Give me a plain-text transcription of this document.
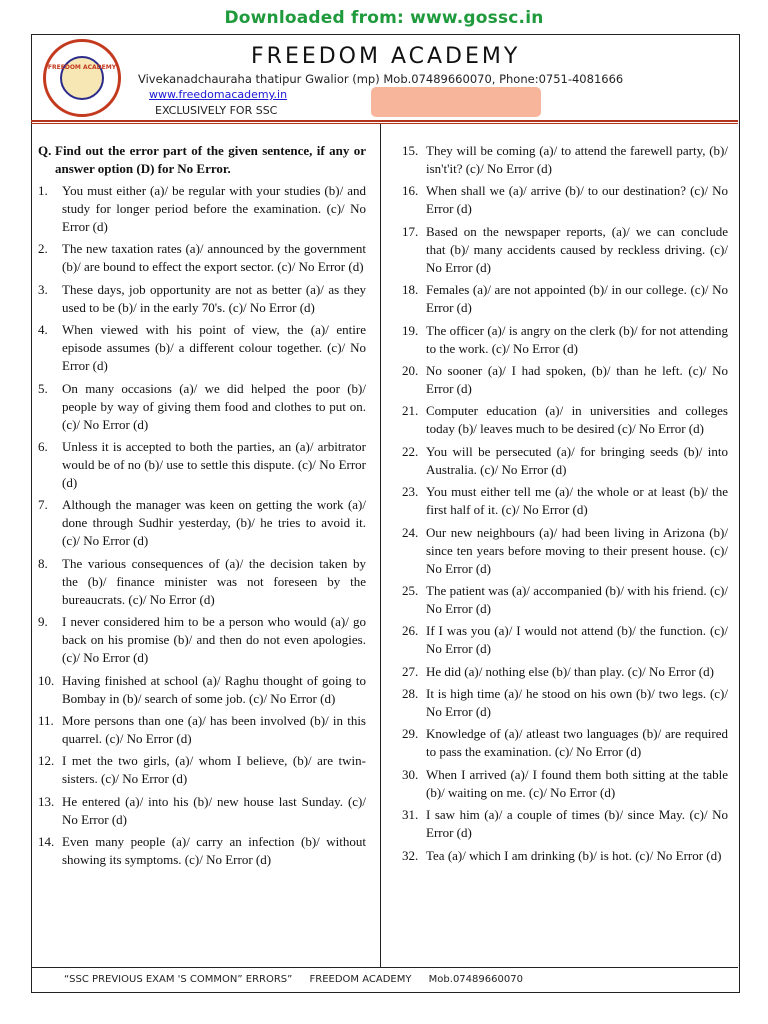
Downloaded from: www.gossc.in
FREEDOM ACADEMY	FREEDOM ACADEMY
Vivekanadchauraha thatipur Gwalior (mp) Mob.07489660070, Phone:0751-4081666
www.freedomacademy.in
EXCLUSIVELY FOR SSC
Q. Find out the error part of the given sentence, if any or answer option (D) for No Error.
1.	You must either (a)/ be regular with your studies (b)/ and study for longer period before the examination. (c)/ No Error (d)
2.	The new taxation rates (a)/ announced by the government (b)/ are bound to effect the export sector. (c)/ No Error (d)
3.	These days, job opportunity are not as better (a)/ as they used to be (b)/ in the early 70's. (c)/ No Error (d)
4.	When viewed with his point of view, the (a)/ entire episode assumes (b)/ a different colour together. (c)/ No Error (d)
5.	On many occasions (a)/ we did helped the poor (b)/ people by way of giving them food and clothes to put on. (c)/ No Error (d)
6.	Unless it is accepted to both the parties, an (a)/ arbitrator would be of no (b)/ use to settle this dispute. (c)/ No Error (d)
7.	Although the manager was keen on getting the work (a)/ done through Sudhir yesterday, (b)/ he tries to avoid it. (c)/ No Error (d)
8.	The various consequences of (a)/ the decision taken by the (b)/ finance minister was not foreseen by the bureaucrats. (c)/ No Error (d)
9.	I never considered him to be a person who would (a)/ go back on his promise (b)/ and then do not even apologies. (c)/ No Error (d)
10. Having finished at school (a)/ Raghu thought of going to Bombay in (b)/ search of some job. (c)/ No Error (d)
11. More persons than one (a)/ has been involved (b)/ in this quarrel. (c)/ No Error (d)
12. I met the two girls, (a)/ whom I believe, (b)/ are twin-sisters. (c)/ No Error (d)
13. He entered (a)/ into his (b)/ new house last Sunday. (c)/ No Error (d)
14. Even many people (a)/ carry an infection (b)/ without showing its symptoms. (c)/ No Error (d)
15. They will be coming (a)/ to attend the farewell party, (b)/ isn't'it? (c)/ No Error (d)
16. When shall we (a)/ arrive (b)/ to our destination? (c)/ No Error (d)
17. Based on the newspaper reports, (a)/ we can conclude that (b)/ many accidents caused by reckless driving. (c)/ No Error (d)
18. Females (a)/ are not appointed (b)/ in our college. (c)/ No Error (d)
19. The officer (a)/ is angry on the clerk (b)/ for not attending to the work. (c)/ No Error (d)
20. No sooner (a)/ I had spoken, (b)/ than he left. (c)/ No Error (d)
21. Computer education (a)/ in universities and colleges today (b)/ leaves much to be desired (c)/ No Error (d)
22. You will be persecuted (a)/ for bringing seeds (b)/ into Australia. (c)/ No Error (d)
23. You must either tell me (a)/ the whole or at least (b)/ the first half of it. (c)/ No Error (d)
24. Our new neighbours (a)/ had been living in Arizona (b)/ since ten years before moving to their present house. (c)/ No Error (d)
25. The patient was (a)/ accompanied (b)/ with his friend. (c)/ No Error (d)
26. If I was you (a)/ I would not attend (b)/ the function. (c)/ No Error (d)
27. He did (a)/ nothing else (b)/ than play. (c)/ No Error (d)
28. It is high time (a)/ he stood on his own (b)/ two legs. (c)/ No Error (d)
29. Knowledge of (a)/ atleast two languages (b)/ are required to pass the examination. (c)/ No Error (d)
30. When I arrived (a)/ I found them both sitting at the table (b)/ waiting on me. (c)/ No Error (d)
31. I saw him (a)/ a couple of times (b)/ since May. (c)/ No Error (d)
32. Tea (a)/ which I am drinking (b)/ is hot. (c)/ No Error (d)
“SSC PREVIOUS EXAM 'S COMMON” ERRORS” FREEDOM ACADEMY Mob.07489660070
